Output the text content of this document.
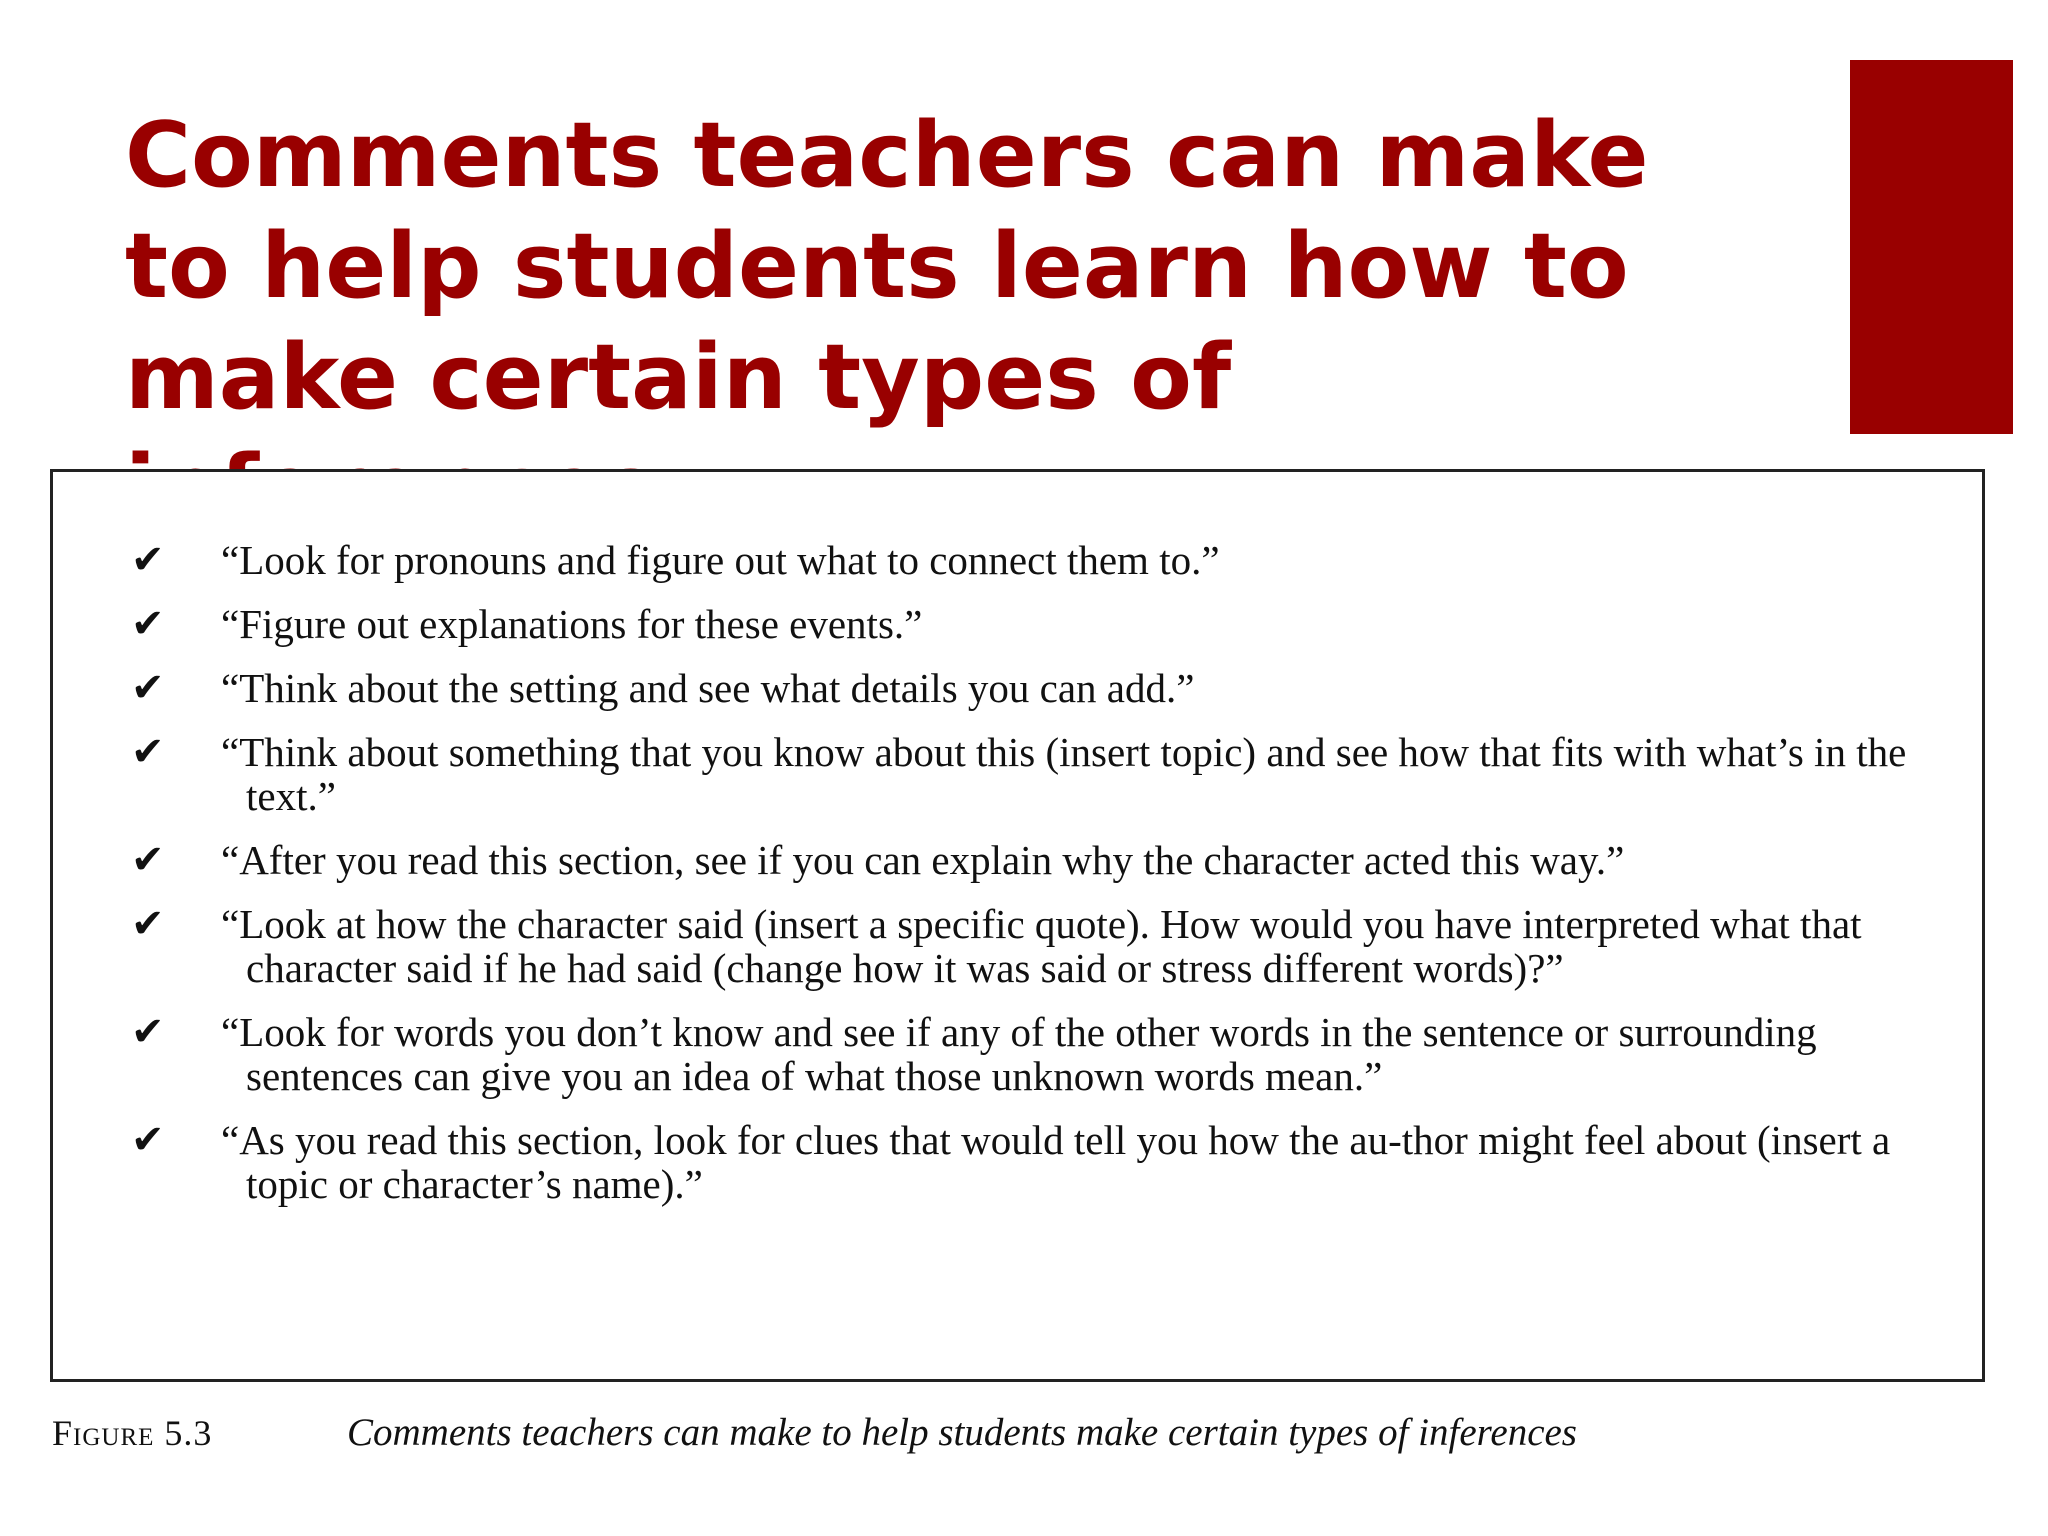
Comments teachers can make to help students learn how to make certain types of
✔	“Look for pronouns and figure out what to connect them to.”
✔	“Figure out explanations for these events.”
✔	“Think about the setting and see what details you can add.”
✔	“Think about something that you know about this (insert topic) and see how that fits with what’s in the text.”
✔	“After you read this section, see if you can explain why the character acted this way.”
✔	“Look at how the character said (insert a specific quote). How would you have interpreted what that character said if he had said (change how it was said or stress different words)?”
✔	“Look for words you don’t know and see if any of the other words in the sentence or surrounding sentences can give you an idea of what those unknown words mean.”
✔	“As you read this section, look for clues that would tell you how the au-thor might feel about (insert a topic or character’s name).”
Figure 5.3	Comments teachers can make to help students make certain types of inferences
